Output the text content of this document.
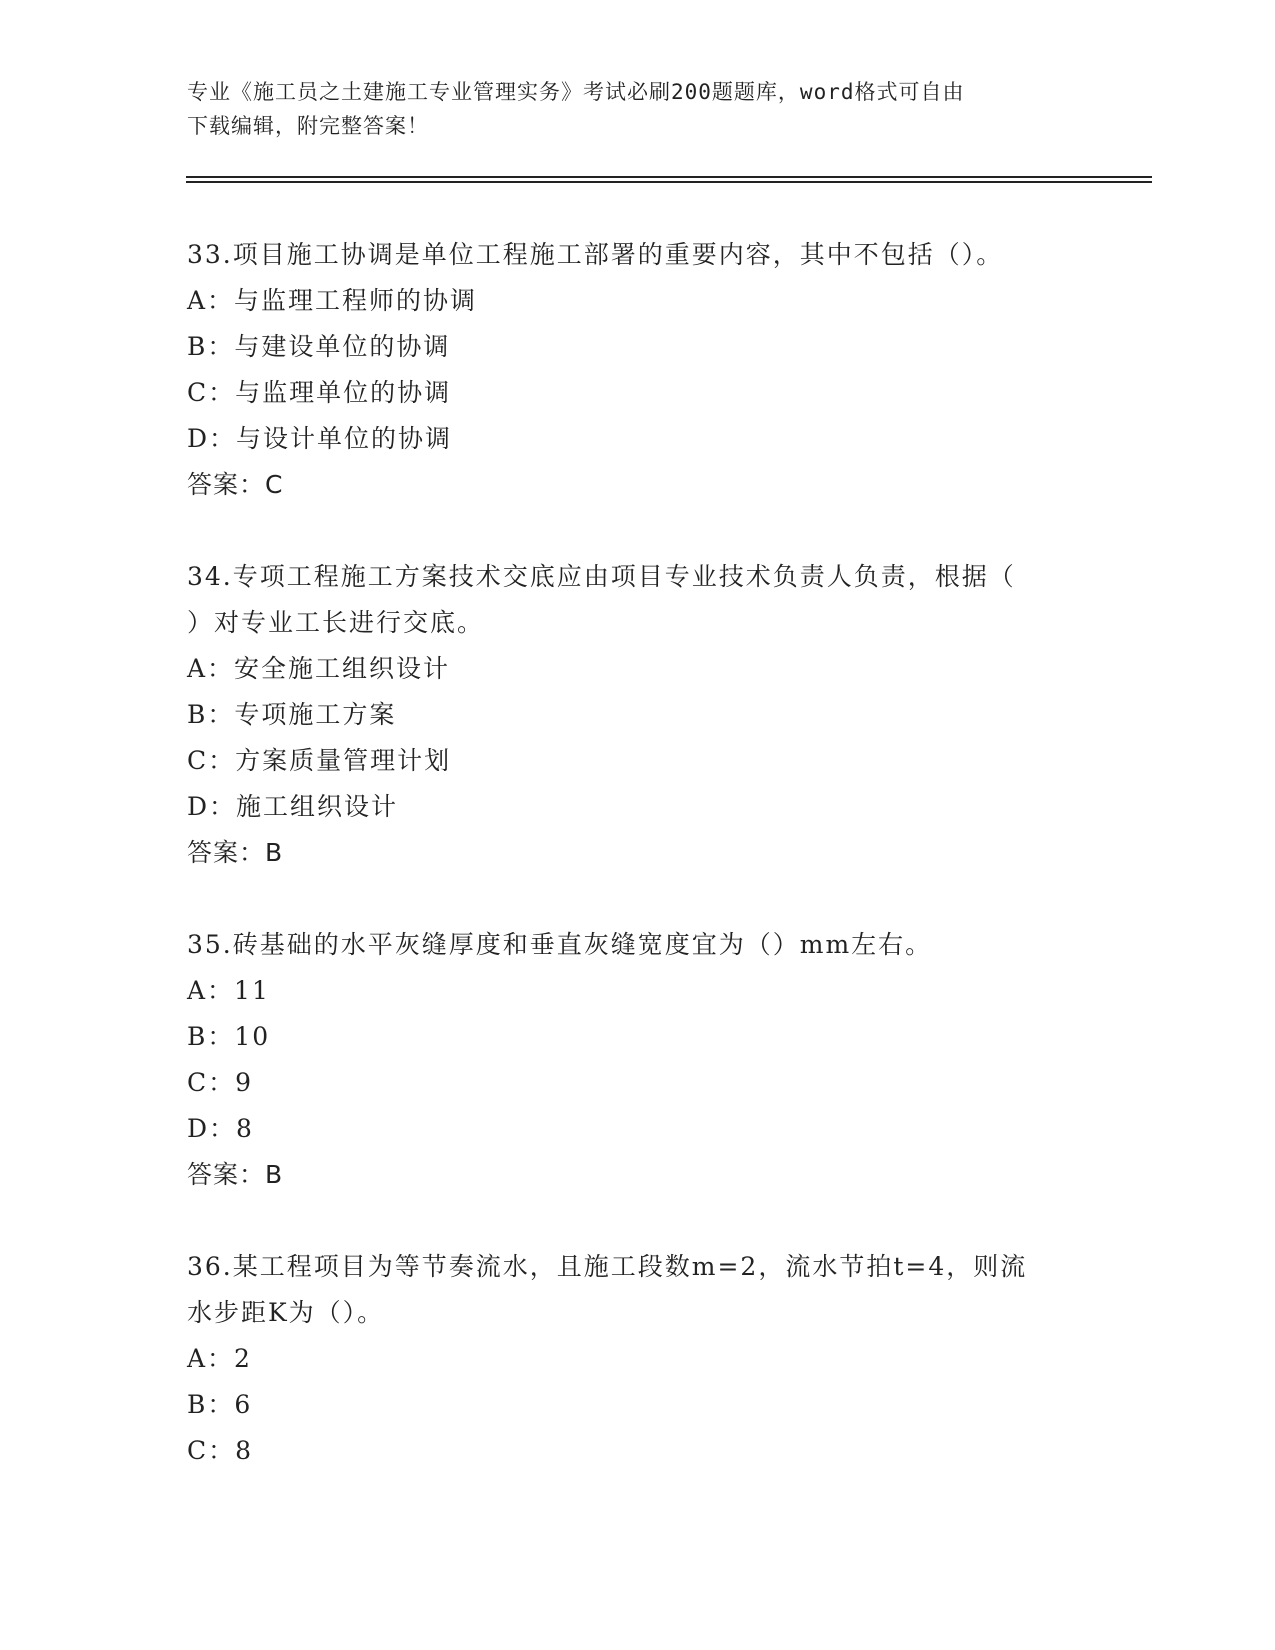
专业《施工员之土建施工专业管理实务》考试必刷200题题库，word格式可自由
下载编辑，附完整答案！
33.项目施工协调是单位工程施工部署的重要内容，其中不包括（）。
A：与监理工程师的协调
B：与建设单位的协调
C：与监理单位的协调
D：与设计单位的协调
答案：C
34.专项工程施工方案技术交底应由项目专业技术负责人负责，根据（
）对专业工长进行交底。
A：安全施工组织设计
B：专项施工方案
C：方案质量管理计划
D：施工组织设计
答案：B
35.砖基础的水平灰缝厚度和垂直灰缝宽度宜为（）mm左右。
A：11
B：10
C：9
D：8
答案：B
36.某工程项目为等节奏流水，且施工段数m=2，流水节拍t=4，则流
水步距K为（）。
A：2
B：6
C：8
